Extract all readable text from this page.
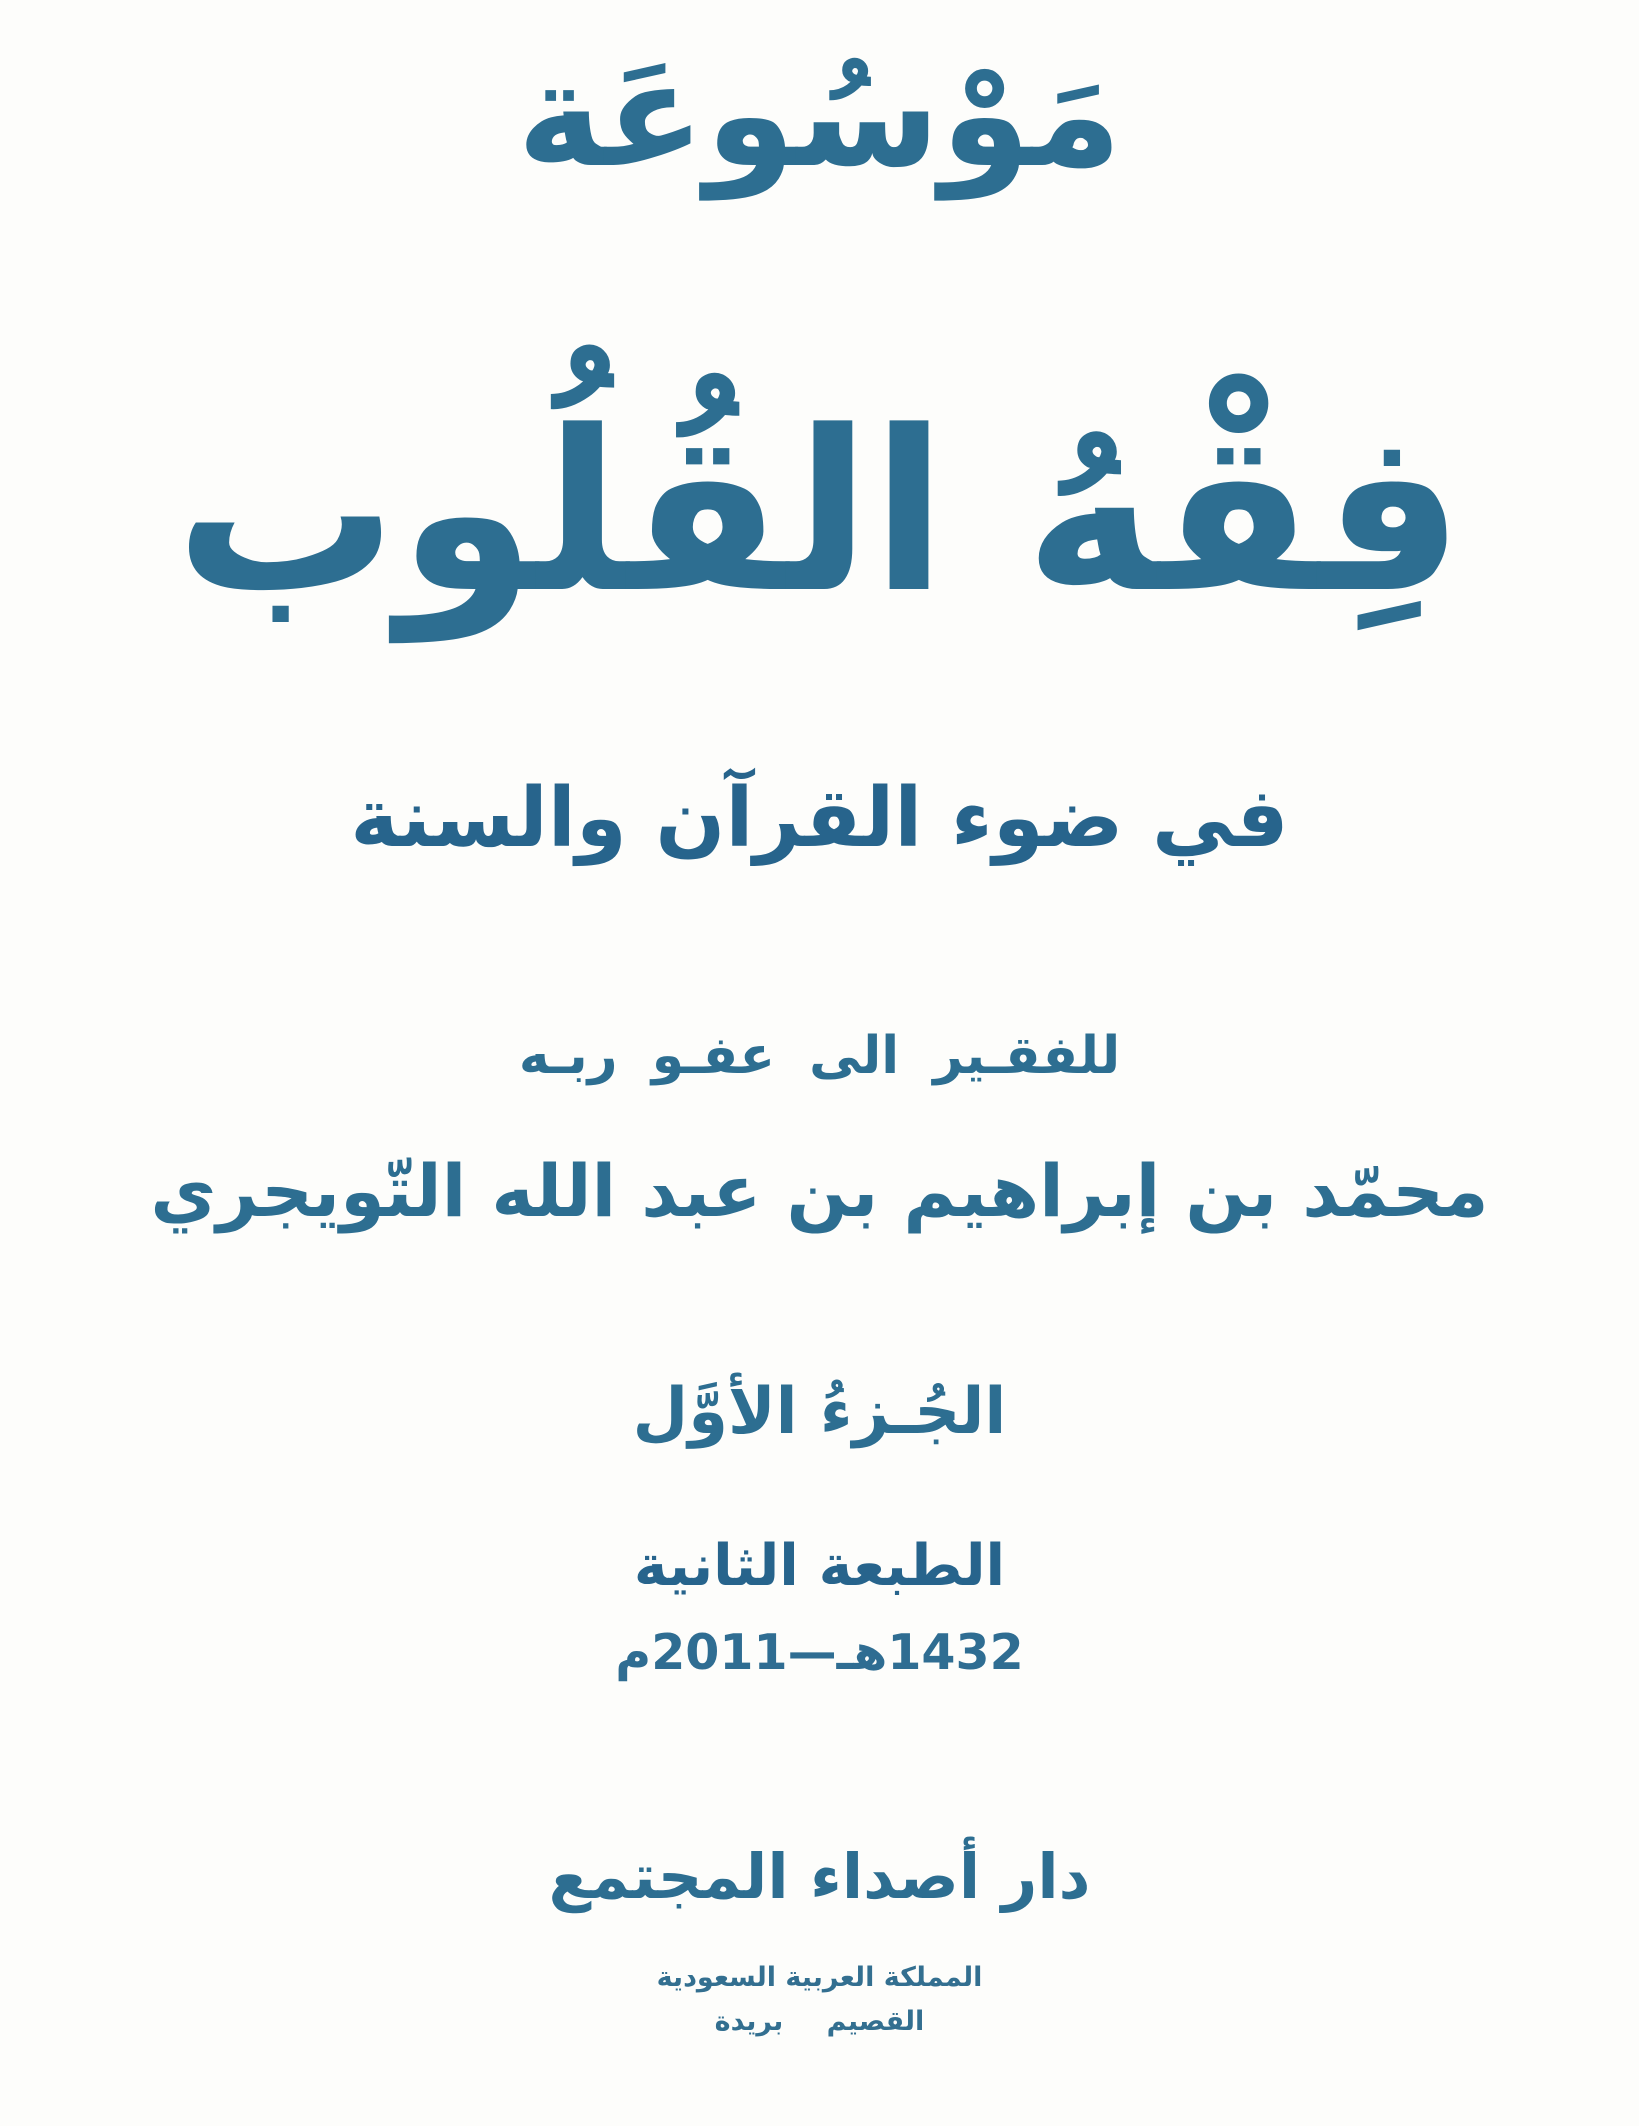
مَوْسُوعَة
فِقْهُ القُلُوب
في ضوء القرآن والسنة
للفقـير الى عفـو ربـه
محمّد بن إبراهيم بن عبد الله التّويجري
الجُـزءُ الأوَّل
الطبعة الثانية
1432هـ—2011م
دار أصداء المجتمع
المملكة العربية السعودية
القصيم بريدة
